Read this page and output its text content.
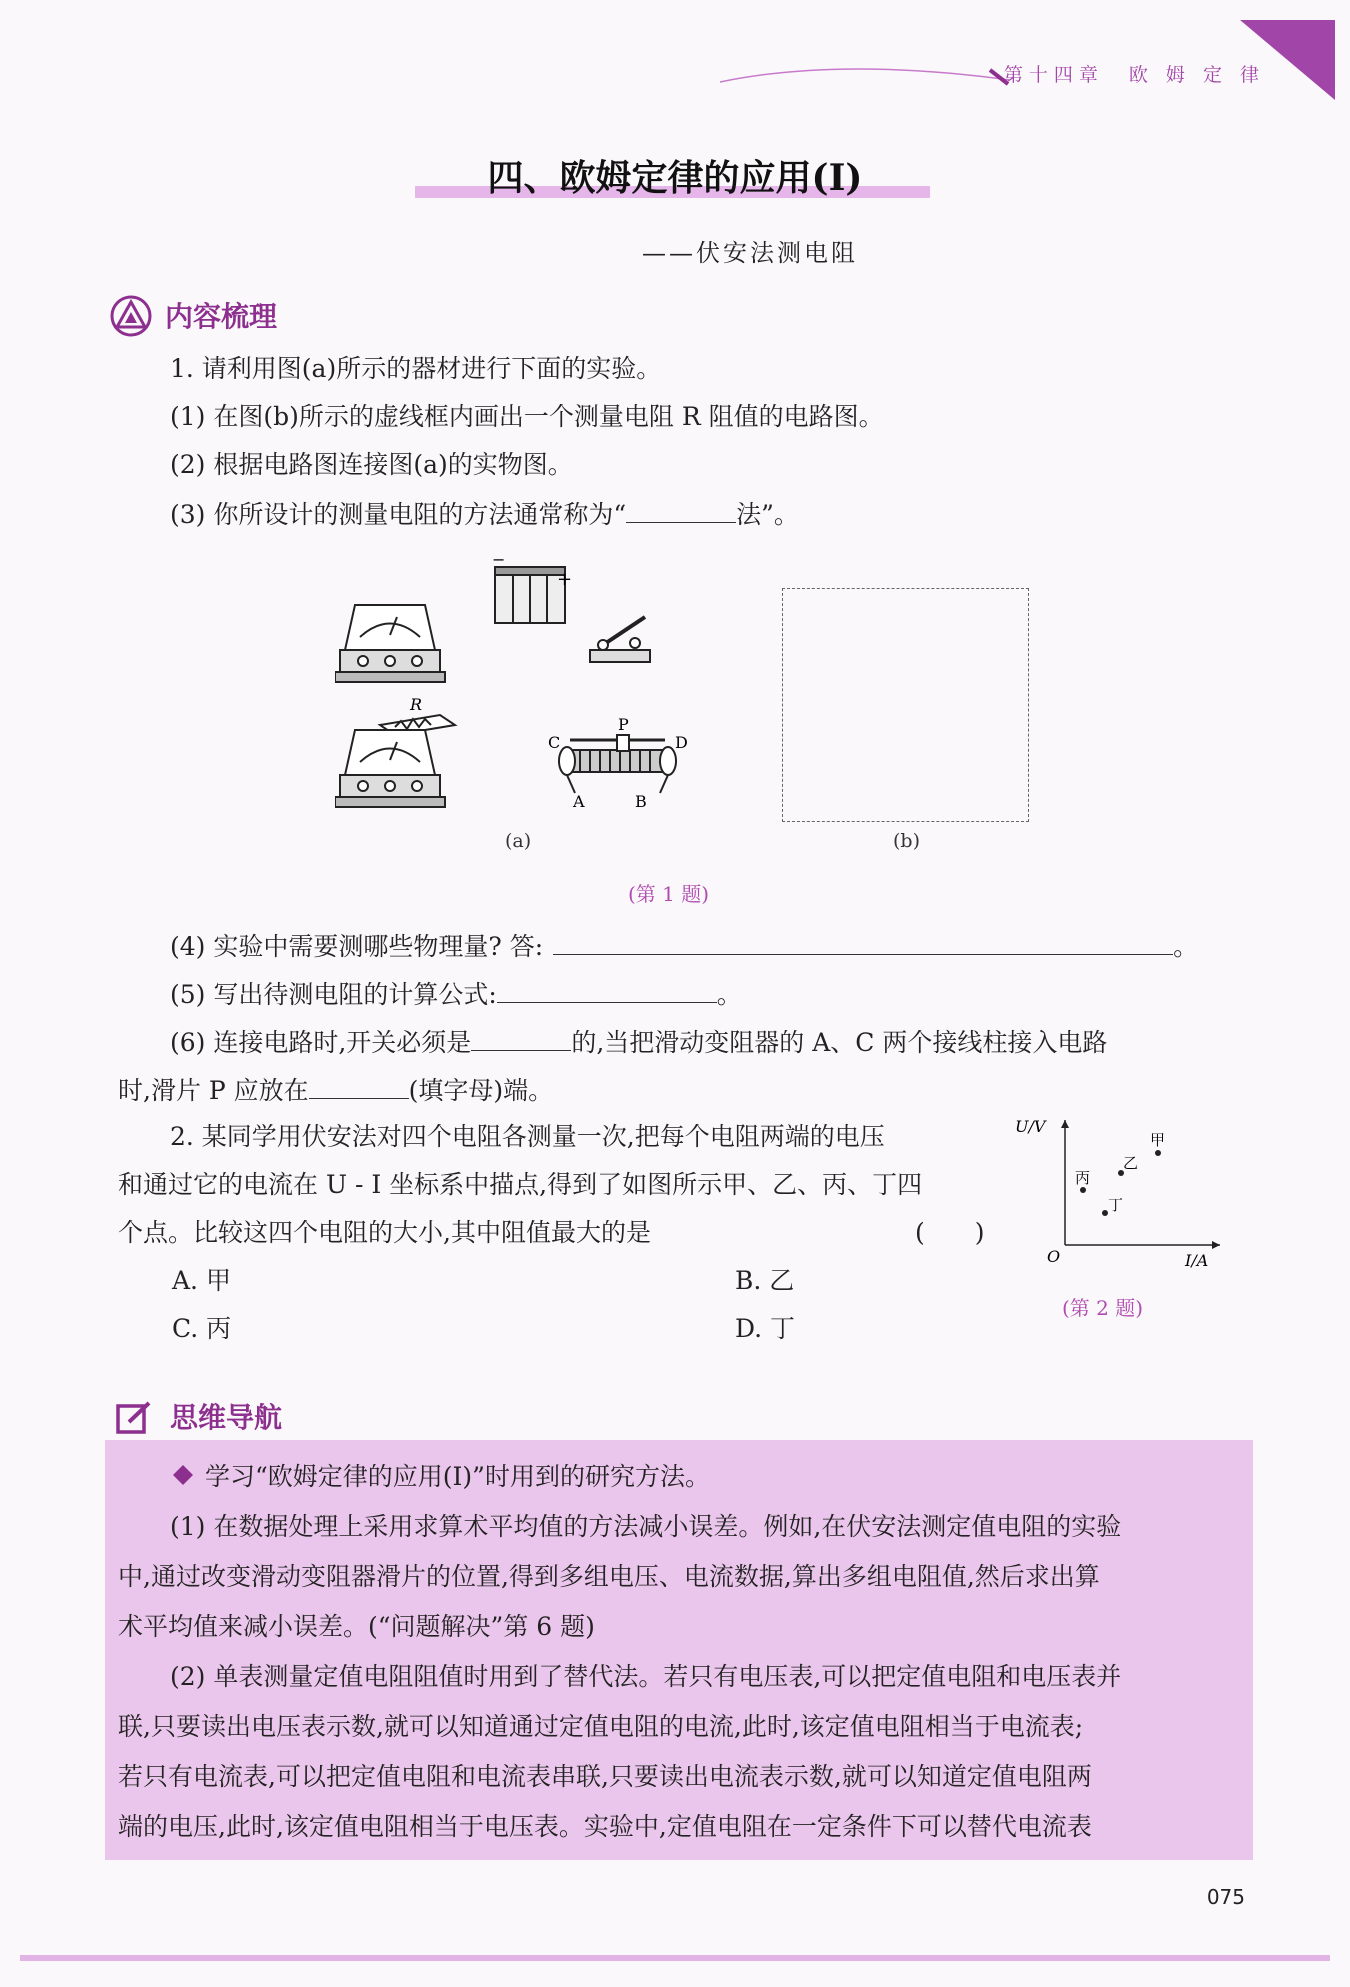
第十四章　欧 姆 定 律
四、欧姆定律的应用(Ⅰ)
——伏安法测电阻
内容梳理
1. 请利用图(a)所示的器材进行下面的实验。
(1) 在图(b)所示的虚线框内画出一个测量电阻 R 阻值的电路图。
(2) 根据电路图连接图(a)的实物图。
(3) 你所设计的测量电阻的方法通常称为“	法”。
−
+
R
P
C	D
A	B
(a)	(b)
(第 1 题)
(4) 实验中需要测哪些物理量? 答:	。
(5) 写出待测电阻的计算公式:	。
(6) 连接电路时,开关必须是	的,当把滑动变阻器的 A、C 两个接线柱接入电路
时,滑片 P 应放在	(填字母)端。
2. 某同学用伏安法对四个电阻各测量一次,把每个电阻两端的电压
和通过它的电流在 U - I 坐标系中描点,得到了如图所示甲、乙、丙、丁四
个点。比较这四个电阻的大小,其中阻值最大的是	(　　)
A. 甲	B. 乙
C. 丙	D. 丁
U/V
I/A
O
甲
乙
丙
丁
(第 2 题)
思维导航
学习“欧姆定律的应用(Ⅰ)”时用到的研究方法。
(1) 在数据处理上采用求算术平均值的方法减小误差。例如,在伏安法测定值电阻的实验
中,通过改变滑动变阻器滑片的位置,得到多组电压、电流数据,算出多组电阻值,然后求出算
术平均值来减小误差。(“问题解决”第 6 题)
(2) 单表测量定值电阻阻值时用到了替代法。若只有电压表,可以把定值电阻和电压表并
联,只要读出电压表示数,就可以知道通过定值电阻的电流,此时,该定值电阻相当于电流表;
若只有电流表,可以把定值电阻和电流表串联,只要读出电流表示数,就可以知道定值电阻两
端的电压,此时,该定值电阻相当于电压表。实验中,定值电阻在一定条件下可以替代电流表
075
